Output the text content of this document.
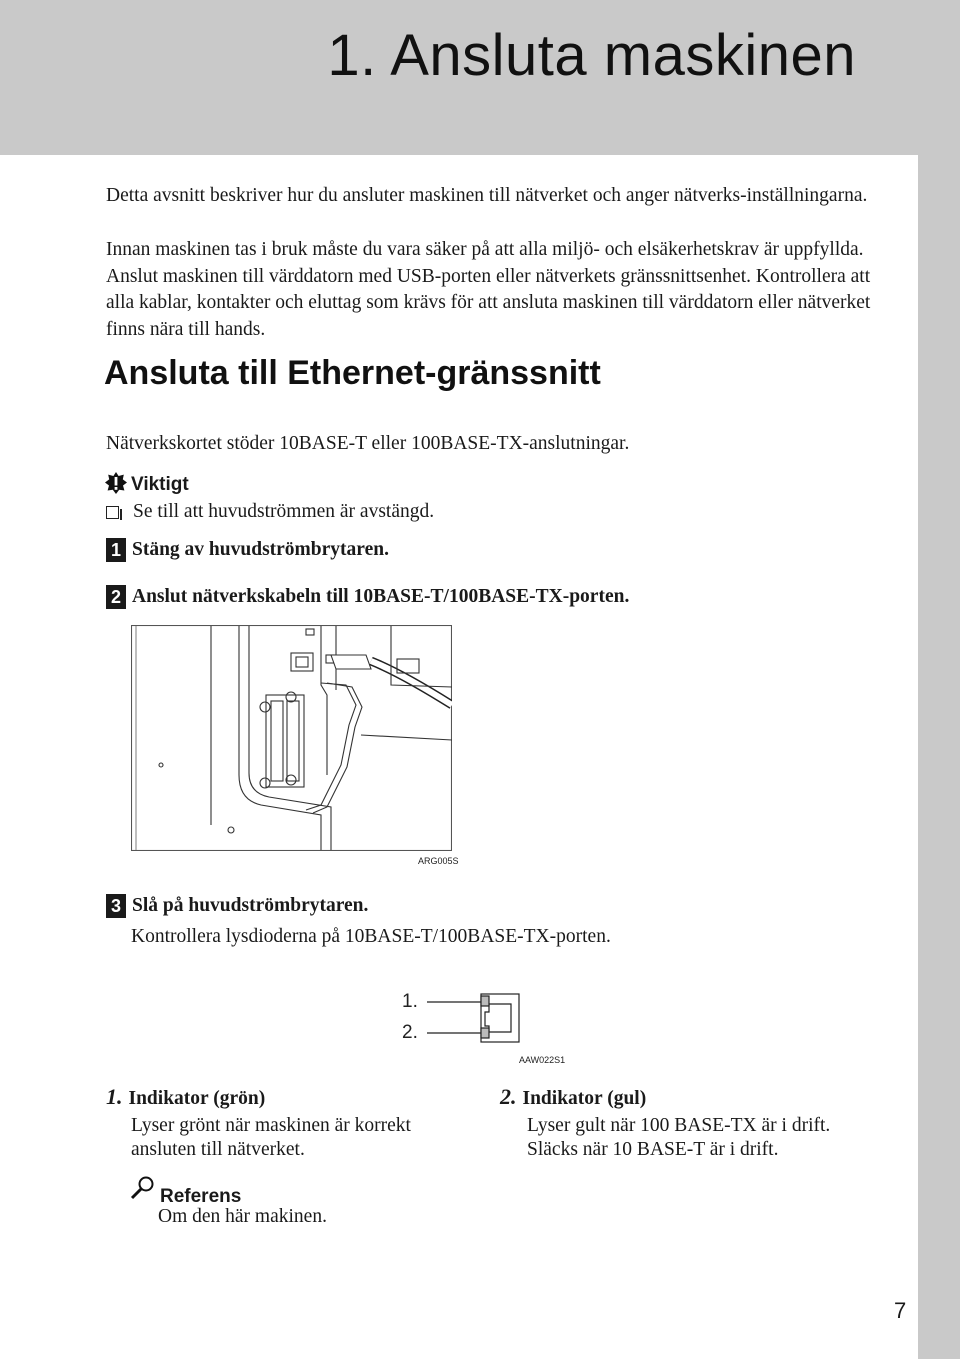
1. Ansluta maskinen

Detta avsnitt beskriver hur du ansluter maskinen till nätverket och anger nätverks-inställningarna.

Innan maskinen tas i bruk måste du vara säker på att alla miljö- och elsäkerhetskrav är uppfyllda. Anslut maskinen till värddatorn med USB-porten eller nätverkets gränssnittsenhet. Kontrollera att alla kablar, kontakter och eluttag som krävs för att ansluta maskinen till värddatorn eller nätverket finns nära till hands.

Ansluta till Ethernet-gränssnitt

Nätverkskortet stöder 10BASE-T eller 100BASE-TX-anslutningar.

Viktigt
Se till att huvudströmmen är avstängd.
1 Stäng av huvudströmbrytaren.
2 Anslut nätverkskabeln till 10BASE-T/100BASE-TX-porten.
ARG005S
3 Slå på huvudströmbrytaren.
Kontrollera lysdioderna på 10BASE-T/100BASE-TX-porten.
1.
2.
AAW022S1
1. Indikator (grön)

Lyser grönt när maskinen är korrekt ansluten till nätverket.

2. Indikator (gul)

Lyser gult när 100 BASE-TX är i drift. Släcks när 10 BASE-T är i drift.

Referens
Om den här makinen.
7
